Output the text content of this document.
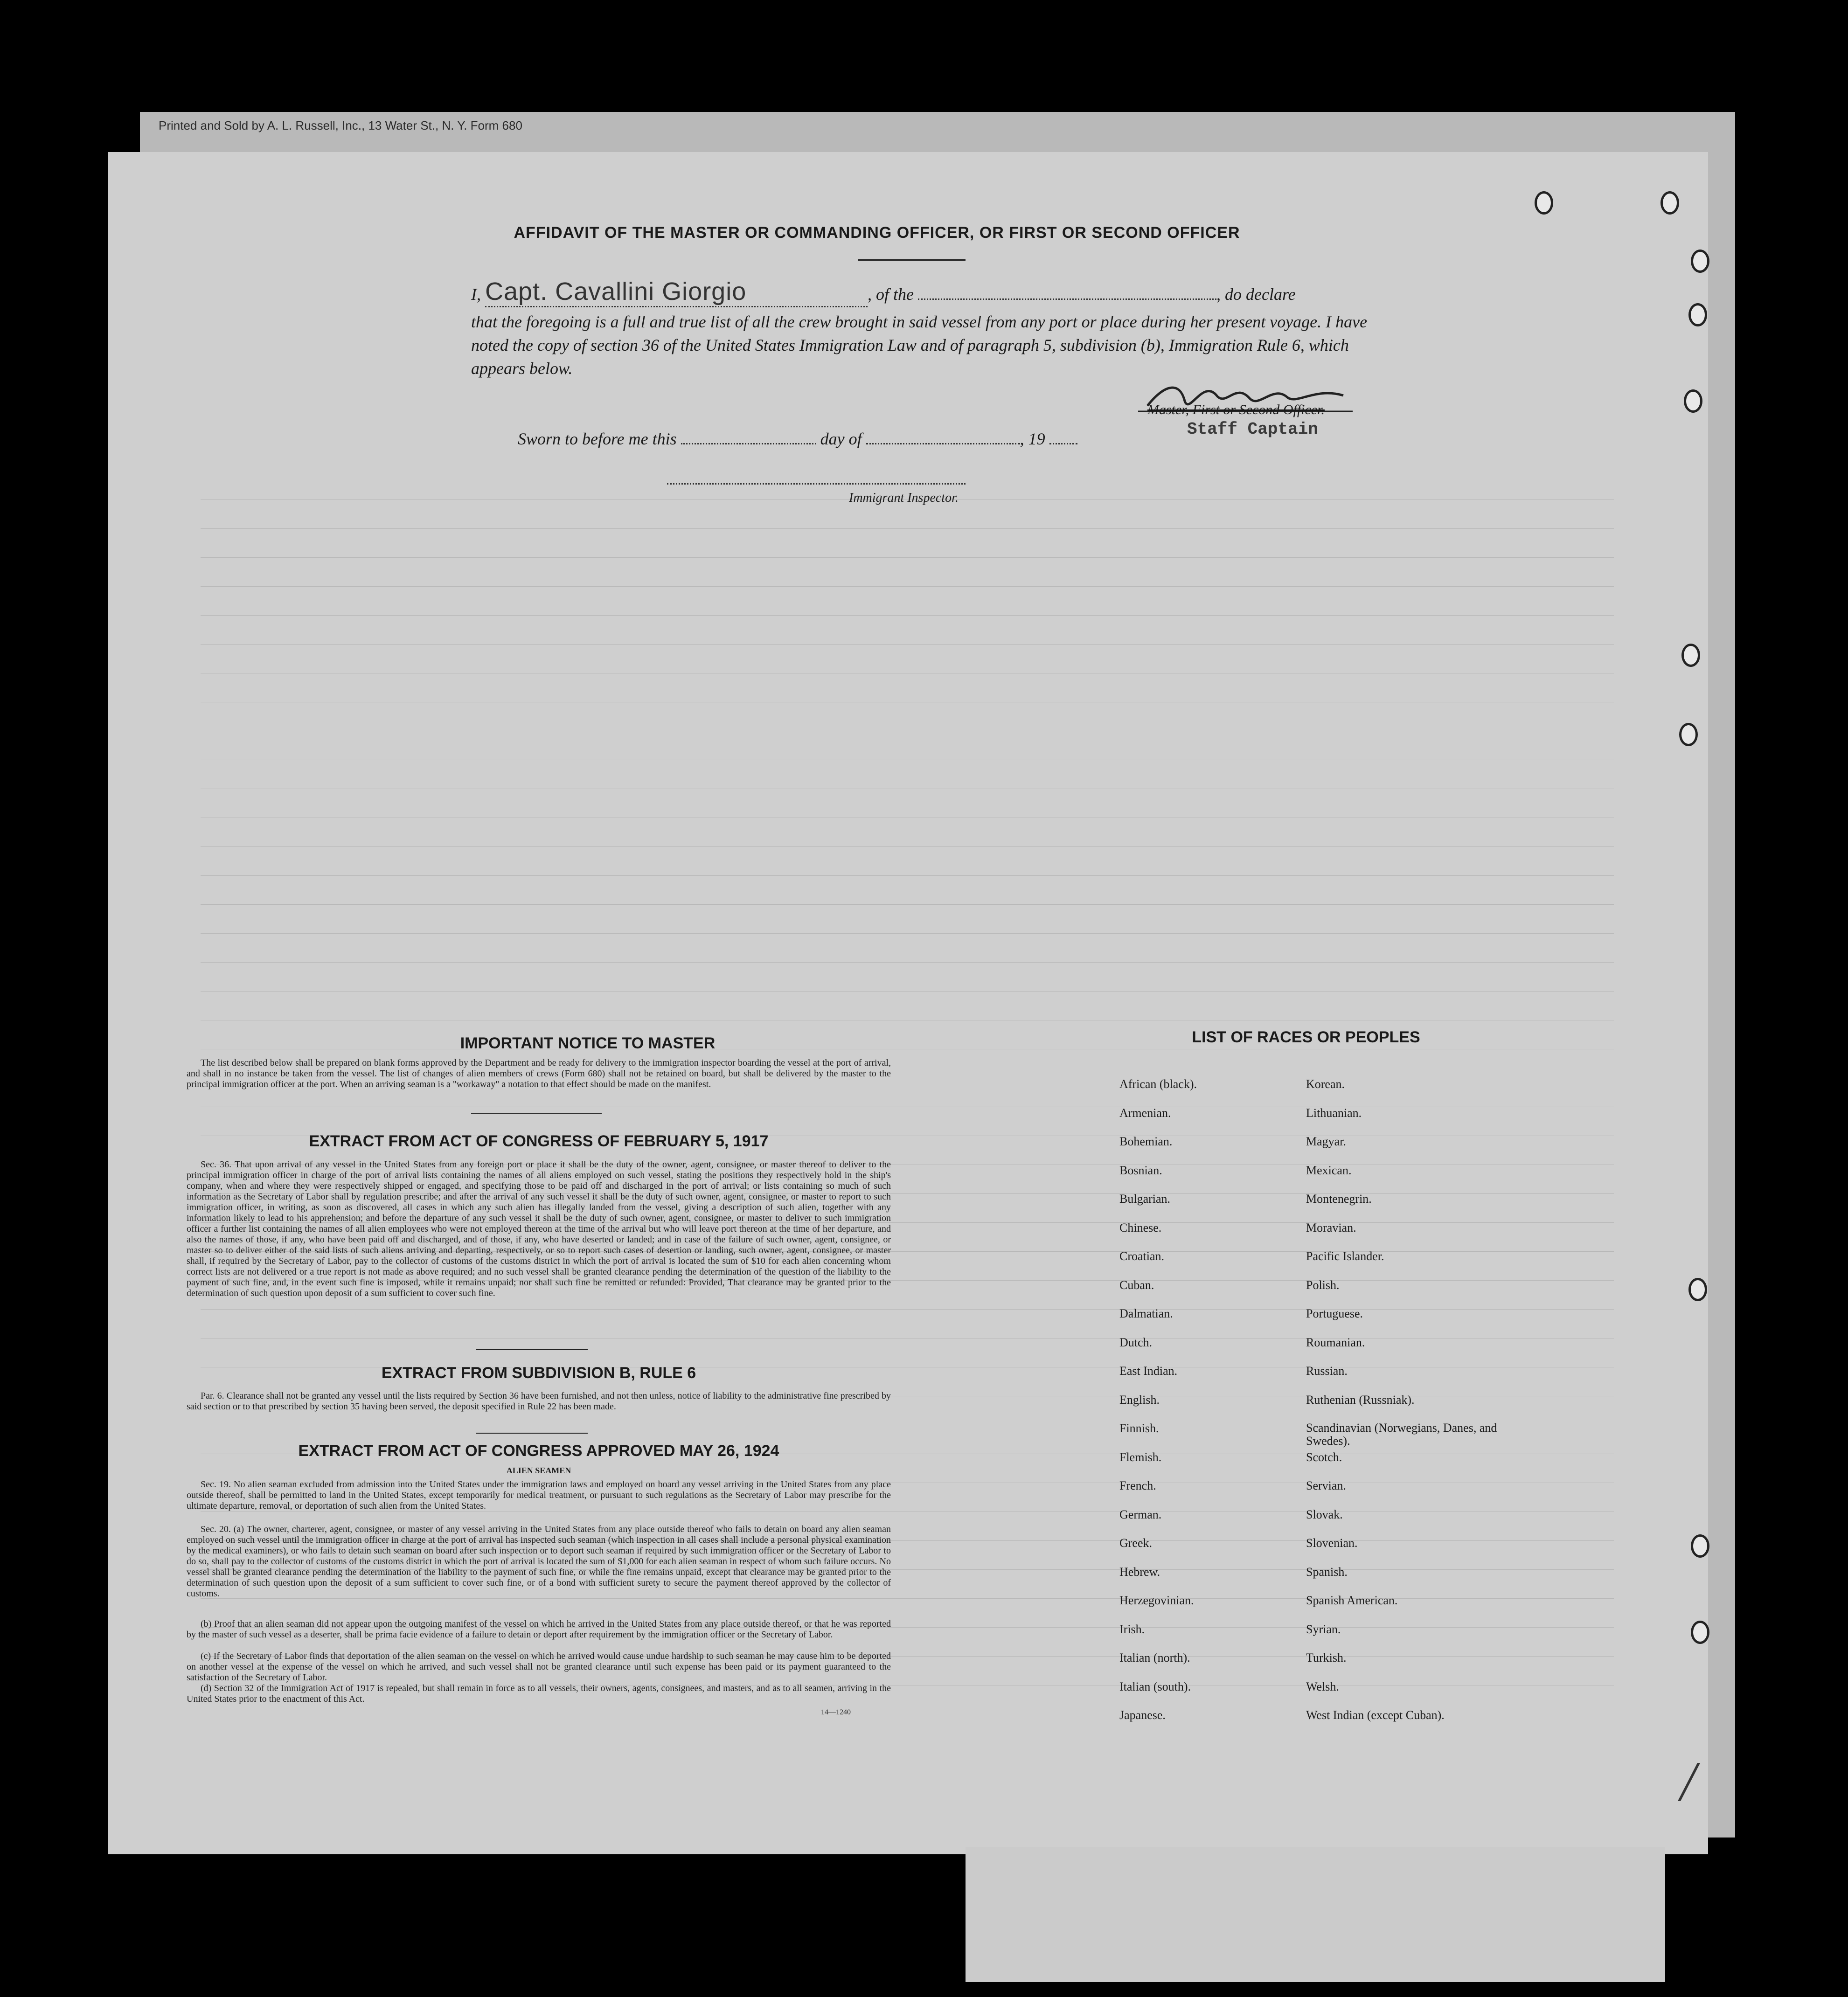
Printed and Sold by A. L. Russell, Inc., 13 Water St., N. Y. Form 680
AFFIDAVIT OF THE MASTER OR COMMANDING OFFICER, OR FIRST OR SECOND OFFICER
I, Capt. Cavallini Giorgio	, of the	, do declare
that the foregoing is a full and true list of all the crew brought in said vessel from any port or place during her present voyage. I have noted the copy of section 36 of the United States Immigration Law and of paragraph 5, subdivision (b), Immigration Rule 6, which appears below.
Master, First or Second Officer.
Staff Captain
Sworn to before me this	day of	, 19
Immigrant Inspector.
IMPORTANT NOTICE TO MASTER
The list described below shall be prepared on blank forms approved by the Department and be ready for delivery to the immigration inspector boarding the vessel at the port of arrival, and shall in no instance be taken from the vessel. The list of changes of alien members of crews (Form 680) shall not be retained on board, but shall be delivered by the master to the principal immigration officer at the port. When an arriving seaman is a "workaway" a notation to that effect should be made on the manifest.
EXTRACT FROM ACT OF CONGRESS OF FEBRUARY 5, 1917
Sec. 36. That upon arrival of any vessel in the United States from any foreign port or place it shall be the duty of the owner, agent, consignee, or master thereof to deliver to the principal immigration officer in charge of the port of arrival lists containing the names of all aliens employed on such vessel, stating the positions they respectively hold in the ship's company, when and where they were respectively shipped or engaged, and specifying those to be paid off and discharged in the port of arrival; or lists containing so much of such information as the Secretary of Labor shall by regulation prescribe; and after the arrival of any such vessel it shall be the duty of such owner, agent, consignee, or master to report to such immigration officer, in writing, as soon as discovered, all cases in which any such alien has illegally landed from the vessel, giving a description of such alien, together with any information likely to lead to his apprehension; and before the departure of any such vessel it shall be the duty of such owner, agent, consignee, or master to deliver to such immigration officer a further list containing the names of all alien employees who were not employed thereon at the time of the arrival but who will leave port thereon at the time of her departure, and also the names of those, if any, who have been paid off and discharged, and of those, if any, who have deserted or landed; and in case of the failure of such owner, agent, consignee, or master so to deliver either of the said lists of such aliens arriving and departing, respectively, or so to report such cases of desertion or landing, such owner, agent, consignee, or master shall, if required by the Secretary of Labor, pay to the collector of customs of the customs district in which the port of arrival is located the sum of $10 for each alien concerning whom correct lists are not delivered or a true report is not made as above required; and no such vessel shall be granted clearance pending the determination of the question of the liability to the payment of such fine, and, in the event such fine is imposed, while it remains unpaid; nor shall such fine be remitted or refunded: Provided, That clearance may be granted prior to the determination of such question upon deposit of a sum sufficient to cover such fine.
EXTRACT FROM SUBDIVISION B, RULE 6
Par. 6. Clearance shall not be granted any vessel until the lists required by Section 36 have been furnished, and not then unless, notice of liability to the administrative fine prescribed by said section or to that prescribed by section 35 having been served, the deposit specified in Rule 22 has been made.
EXTRACT FROM ACT OF CONGRESS APPROVED MAY 26, 1924
ALIEN SEAMEN
Sec. 19. No alien seaman excluded from admission into the United States under the immigration laws and employed on board any vessel arriving in the United States from any place outside thereof, shall be permitted to land in the United States, except temporarily for medical treatment, or pursuant to such regulations as the Secretary of Labor may prescribe for the ultimate departure, removal, or deportation of such alien from the United States.
Sec. 20. (a) The owner, charterer, agent, consignee, or master of any vessel arriving in the United States from any place outside thereof who fails to detain on board any alien seaman employed on such vessel until the immigration officer in charge at the port of arrival has inspected such seaman (which inspection in all cases shall include a personal physical examination by the medical examiners), or who fails to detain such seaman on board after such inspection or to deport such seaman if required by such immigration officer or the Secretary of Labor to do so, shall pay to the collector of customs of the customs district in which the port of arrival is located the sum of $1,000 for each alien seaman in respect of whom such failure occurs. No vessel shall be granted clearance pending the determination of the liability to the payment of such fine, or while the fine remains unpaid, except that clearance may be granted prior to the determination of such question upon the deposit of a sum sufficient to cover such fine, or of a bond with sufficient surety to secure the payment thereof approved by the collector of customs.
(b) Proof that an alien seaman did not appear upon the outgoing manifest of the vessel on which he arrived in the United States from any place outside thereof, or that he was reported by the master of such vessel as a deserter, shall be prima facie evidence of a failure to detain or deport after requirement by the immigration officer or the Secretary of Labor.
(c) If the Secretary of Labor finds that deportation of the alien seaman on the vessel on which he arrived would cause undue hardship to such seaman he may cause him to be deported on another vessel at the expense of the vessel on which he arrived, and such vessel shall not be granted clearance until such expense has been paid or its payment guaranteed to the satisfaction of the Secretary of Labor.
(d) Section 32 of the Immigration Act of 1917 is repealed, but shall remain in force as to all vessels, their owners, agents, consignees, and masters, and as to all seamen, arriving in the United States prior to the enactment of this Act.
14—1240
LIST OF RACES OR PEOPLES
African (black).	Korean.
Armenian.	Lithuanian.
Bohemian.	Magyar.
Bosnian.	Mexican.
Bulgarian.	Montenegrin.
Chinese.	Moravian.
Croatian.	Pacific Islander.
Cuban.	Polish.
Dalmatian.	Portuguese.
Dutch.	Roumanian.
East Indian.	Russian.
English.	Ruthenian (Russniak).
Finnish.	Scandinavian (Norwegians, Danes, and Swedes).
Flemish.	Scotch.
French.	Servian.
German.	Slovak.
Greek.	Slovenian.
Hebrew.	Spanish.
Herzegovinian.	Spanish American.
Irish.	Syrian.
Italian (north).	Turkish.
Italian (south).	Welsh.
Japanese.	West Indian (except Cuban).
╱
